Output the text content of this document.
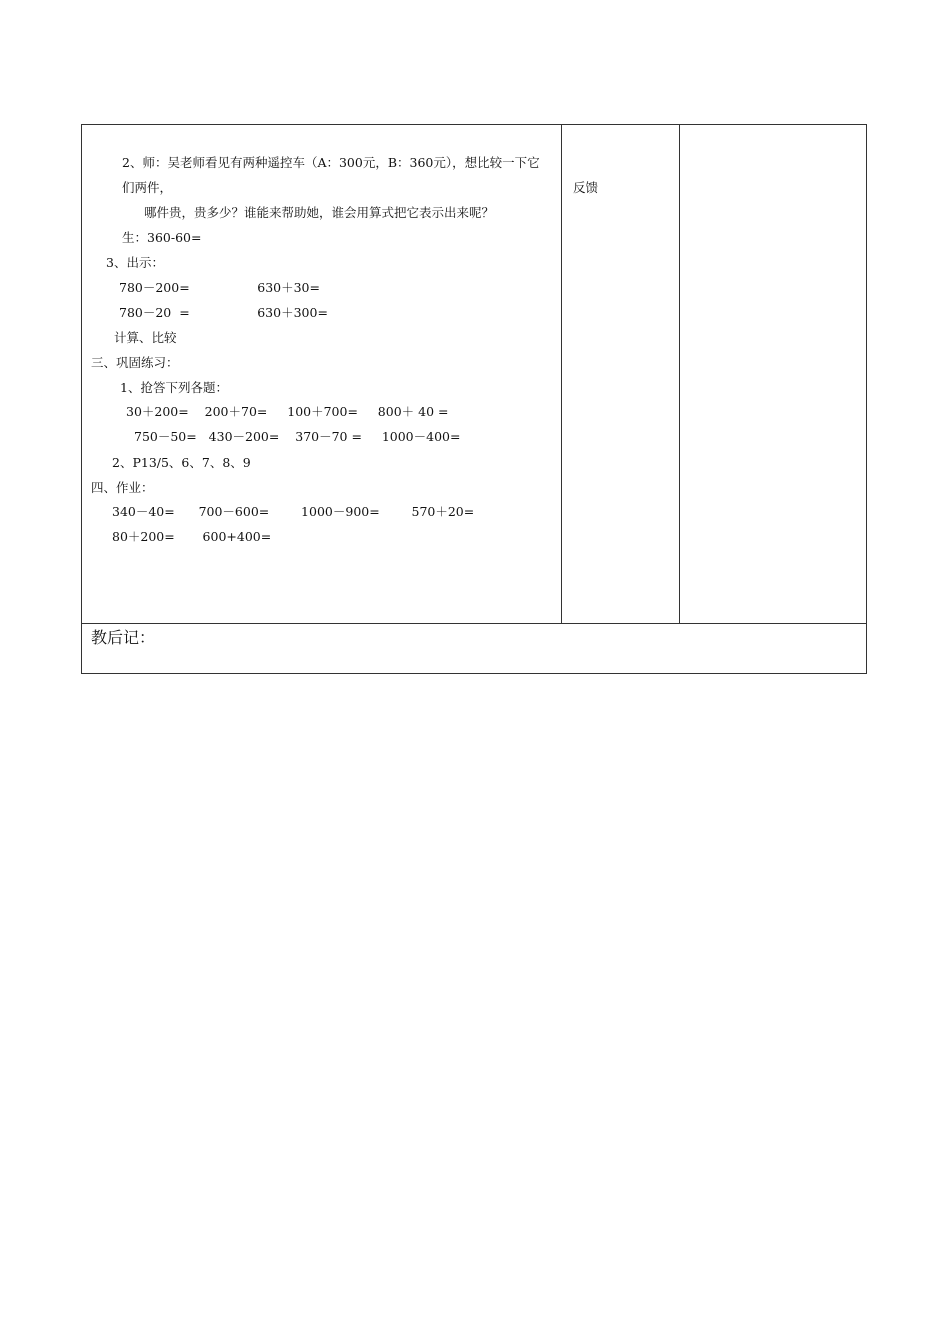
2、师：吴老师看见有两种遥控车（A：300元，B：360元），想比较一下它
们两件，
哪件贵，贵多少？谁能来帮助她，谁会用算式把它表示出来呢？
生：360-60=
3、出示：
780－200=                 630＋30=
780－20  =                 630＋300=
计算、比较
三、巩固练习：
1、抢答下列各题：
30＋200=    200＋70=     100＋700=     800＋ 40 =
750－50=   430－200=    370－70 =     1000－400=
2、P13/5、6、7、8、9
四、作业：
340－40=      700－600=        1000－900=        570＋20=
80＋200=       600+400=
反馈
教后记：
